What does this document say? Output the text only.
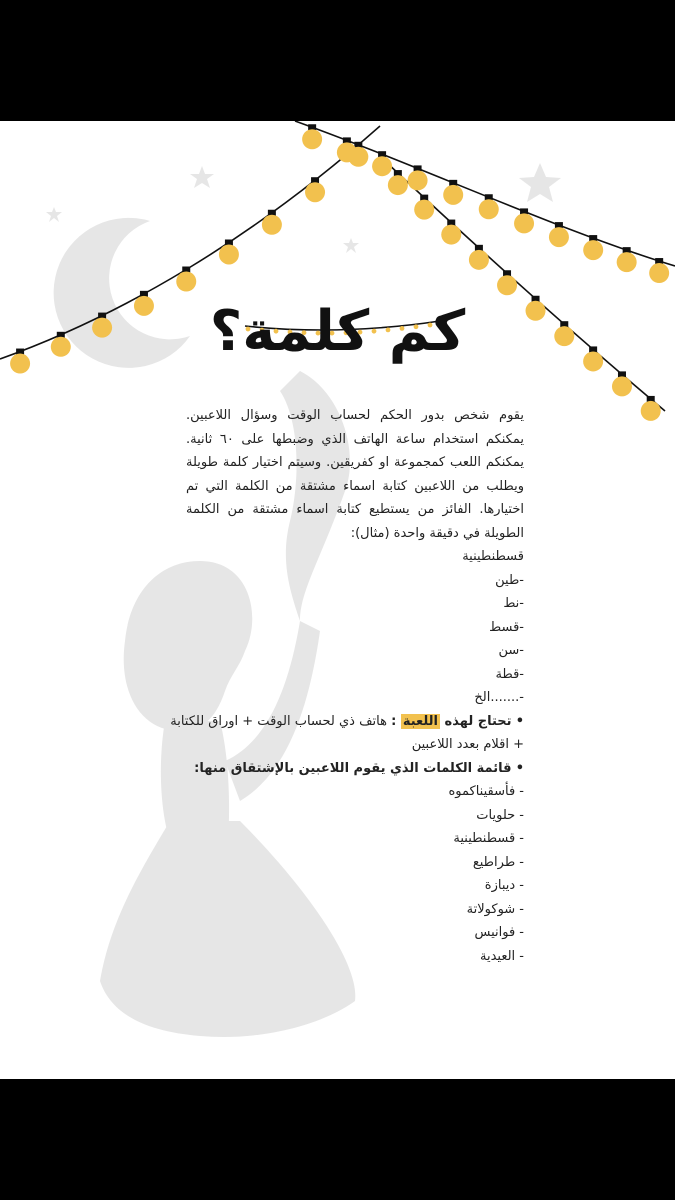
كم كلمة؟

يقوم شخص بدور الحكم لحساب الوقت وسؤال اللاعبين. يمكنكم استخدام ساعة الهاتف الذي وضبطها على ٦٠ ثانية. يمكنكم اللعب كمجموعة او كفريقين. وسيتم اختيار كلمة طويلة ويطلب من اللاعبين كتابة اسماء مشتقة من الكلمة التي تم اختيارها. الفائز من يستطيع كتابة اسماء مشتقة من الكلمة الطويلة في دقيقة واحدة (مثال):

قسطنطينية

-طين

-نط

-قسط

-سن

-قطة

-.......الخ

• تحتاج لهذه اللعبة : هاتف ذي لحساب الوقت + اوراق للكتابة

+ اقلام بعدد اللاعبين

• قائمة الكلمات الذي يقوم اللاعبين بالإشتقاق منها:

- فأسقيناكموه

- حلويات

- قسطنطينية

- طراطيع

- ديبازة

- شوكولاتة

- فوانيس

- العيدية
